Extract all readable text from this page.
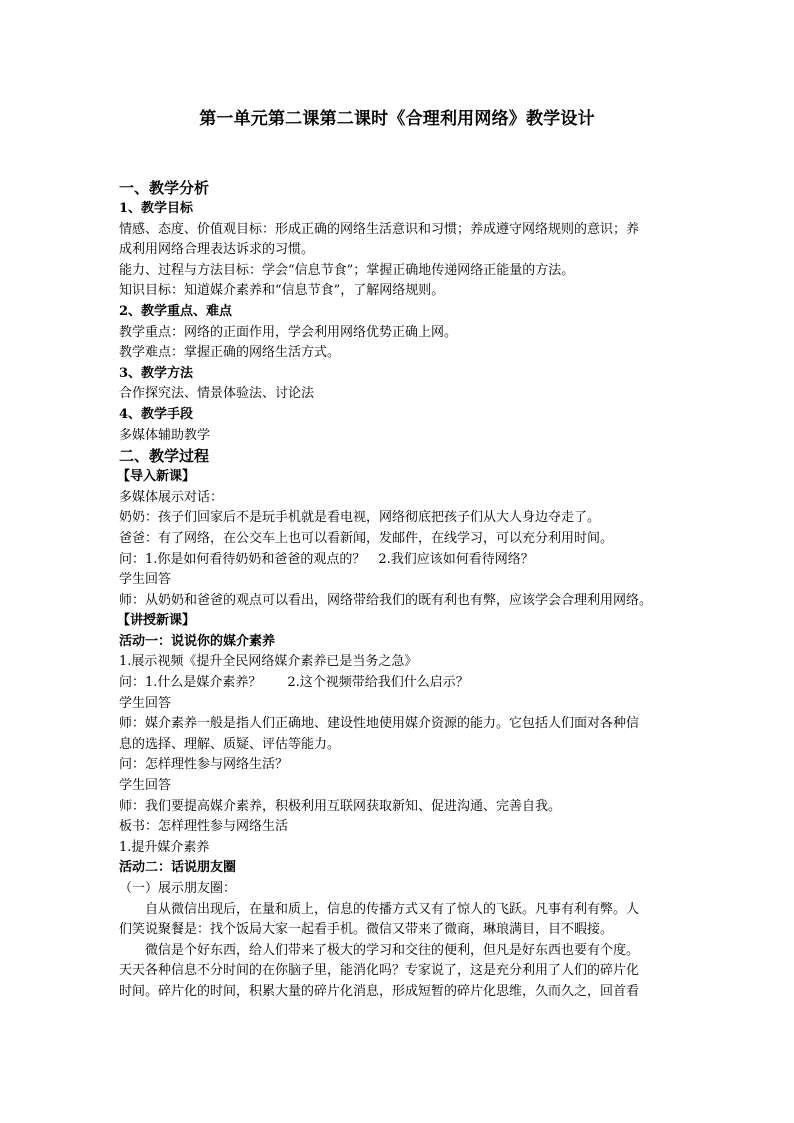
第一单元第二课第二课时《合理利用网络》教学设计
一、教学分析
1、教学目标
情感、态度、价值观目标：形成正确的网络生活意识和习惯；养成遵守网络规则的意识；养
成利用网络合理表达诉求的习惯。
能力、过程与方法目标：学会“信息节食”；掌握正确地传递网络正能量的方法。
知识目标：知道媒介素养和“信息节食”，了解网络规则。
2、教学重点、难点
教学重点：网络的正面作用，学会利用网络优势正确上网。
教学难点：掌握正确的网络生活方式。
3、教学方法
合作探究法、情景体验法、讨论法
4、教学手段
多媒体辅助教学
二、教学过程
【导入新课】
多媒体展示对话：
奶奶：孩子们回家后不是玩手机就是看电视，网络彻底把孩子们从大人身边夺走了。
爸爸：有了网络，在公交车上也可以看新闻，发邮件，在线学习，可以充分利用时间。
问：1.你是如何看待奶奶和爸爸的观点的？　2.我们应该如何看待网络？
学生回答
师：从奶奶和爸爸的观点可以看出，网络带给我们的既有利也有弊，应该学会合理利用网络。
【讲授新课】
活动一：说说你的媒介素养
1.展示视频《提升全民网络媒介素养已是当务之急》
问：1.什么是媒介素养？　　2.这个视频带给我们什么启示？
学生回答
师：媒介素养一般是指人们正确地、建设性地使用媒介资源的能力。它包括人们面对各种信
息的选择、理解、质疑、评估等能力。
问：怎样理性参与网络生活？
学生回答
师：我们要提高媒介素养，积极利用互联网获取新知、促进沟通、完善自我。
板书：怎样理性参与网络生活
1.提升媒介素养
活动二：话说朋友圈
（一）展示朋友圈：
自从微信出现后，在量和质上，信息的传播方式又有了惊人的飞跃。凡事有利有弊。人
们笑说聚餐是：找个饭局大家一起看手机。微信又带来了微商，琳琅满目，目不暇接。
微信是个好东西，给人们带来了极大的学习和交往的便利，但凡是好东西也要有个度。
天天各种信息不分时间的在你脑子里，能消化吗？专家说了，这是充分利用了人们的碎片化
时间。碎片化的时间，积累大量的碎片化消息，形成短暂的碎片化思维，久而久之，回首看
